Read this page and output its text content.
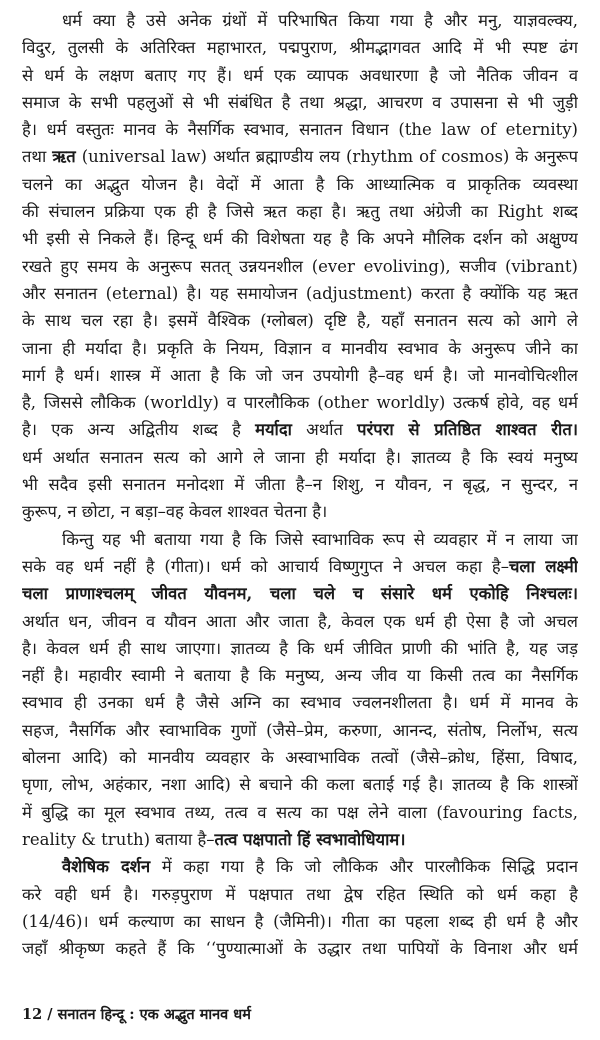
धर्म क्या है उसे अनेक ग्रंथों में परिभाषित किया गया है और मनु, याज्ञवल्क्य,
विदुर, तुलसी के अतिरिक्त महाभारत, पद्मपुराण, श्रीमद्भागवत आदि में भी स्पष्ट ढंग
से धर्म के लक्षण बताए गए हैं। धर्म एक व्यापक अवधारणा है जो नैतिक जीवन व
समाज के सभी पहलुओं से भी संबंधित है तथा श्रद्धा, आचरण व उपासना से भी जुड़ी
है। धर्म वस्तुतः मानव के नैसर्गिक स्वभाव, सनातन विधान (the law of eternity)
तथा ऋत (universal law) अर्थात ब्रह्माण्डीय लय (rhythm of cosmos) के अनुरूप
चलने का अद्भुत योजन है। वेदों में आता है कि आध्यात्मिक व प्राकृतिक व्यवस्था
की संचालन प्रक्रिया एक ही है जिसे ऋत कहा है। ऋतु तथा अंग्रेजी का Right शब्द
भी इसी से निकले हैं। हिन्दू धर्म की विशेषता यह है कि अपने मौलिक दर्शन को अक्षुण्य
रखते हुए समय के अनुरूप सतत् उन्नयनशील (ever evoliving), सजीव (vibrant)
और सनातन (eternal) है। यह समायोजन (adjustment) करता है क्योंकि यह ऋत
के साथ चल रहा है। इसमें वैश्विक (ग्लोबल) दृष्टि है, यहाँ सनातन सत्य को आगे ले
जाना ही मर्यादा है। प्रकृति के नियम, विज्ञान व मानवीय स्वभाव के अनुरूप जीने का
मार्ग है धर्म। शास्त्र में आता है कि जो जन उपयोगी है–वह धर्म है। जो मानवोचित्शील
है, जिससे लौकिक (worldly) व पारलौकिक (other worldly) उत्कर्ष होवे, वह धर्म
है। एक अन्य अद्वितीय शब्द है मर्यादा अर्थात परंपरा से प्रतिष्ठित शाश्वत रीत।
धर्म अर्थात सनातन सत्य को आगे ले जाना ही मर्यादा है। ज्ञातव्य है कि स्वयं मनुष्य
भी सदैव इसी सनातन मनोदशा में जीता है–न शिशु, न यौवन, न बृद्ध, न सुन्दर, न
कुरूप, न छोटा, न बड़ा–वह केवल शाश्वत चेतना है।
किन्तु यह भी बताया गया है कि जिसे स्वाभाविक रूप से व्यवहार में न लाया जा
सके वह धर्म नहीं है (गीता)। धर्म को आचार्य विष्णुगुप्त ने अचल कहा है–चला लक्ष्मी
चला प्राणाश्चलम् जीवत यौवनम, चला चले च संसारे धर्म एकोहि निश्चलः।
अर्थात धन, जीवन व यौवन आता और जाता है, केवल एक धर्म ही ऐसा है जो अचल
है। केवल धर्म ही साथ जाएगा। ज्ञातव्य है कि धर्म जीवित प्राणी की भांति है, यह जड़
नहीं है। महावीर स्वामी ने बताया है कि मनुष्य, अन्य जीव या किसी तत्व का नैसर्गिक
स्वभाव ही उनका धर्म है जैसे अग्नि का स्वभाव ज्वलनशीलता है। धर्म में मानव के
सहज, नैसर्गिक और स्वाभाविक गुणों (जैसे–प्रेम, करुणा, आनन्द, संतोष, निर्लोभ, सत्य
बोलना आदि) को मानवीय व्यवहार के अस्वाभाविक तत्वों (जैसे–क्रोध, हिंसा, विषाद,
घृणा, लोभ, अहंकार, नशा आदि) से बचाने की कला बताई गई है। ज्ञातव्य है कि शास्त्रों
में बुद्धि का मूल स्वभाव तथ्य, तत्व व सत्य का पक्ष लेने वाला (favouring facts,
reality & truth) बताया है–तत्व पक्षपातो हिं स्वभावोधियाम।
वैशेषिक दर्शन में कहा गया है कि जो लौकिक और पारलौकिक सिद्धि प्रदान
करे वही धर्म है। गरुड़पुराण में पक्षपात तथा द्वेष रहित स्थिति को धर्म कहा है
(14/46)। धर्म कल्याण का साधन है (जैमिनी)। गीता का पहला शब्द ही धर्म है और
जहाँ श्रीकृष्ण कहते हैं कि ‘‘पुण्यात्माओं के उद्धार तथा पापियों के विनाश और धर्म
12 / सनातन हिन्दू : एक अद्भुत मानव धर्म
